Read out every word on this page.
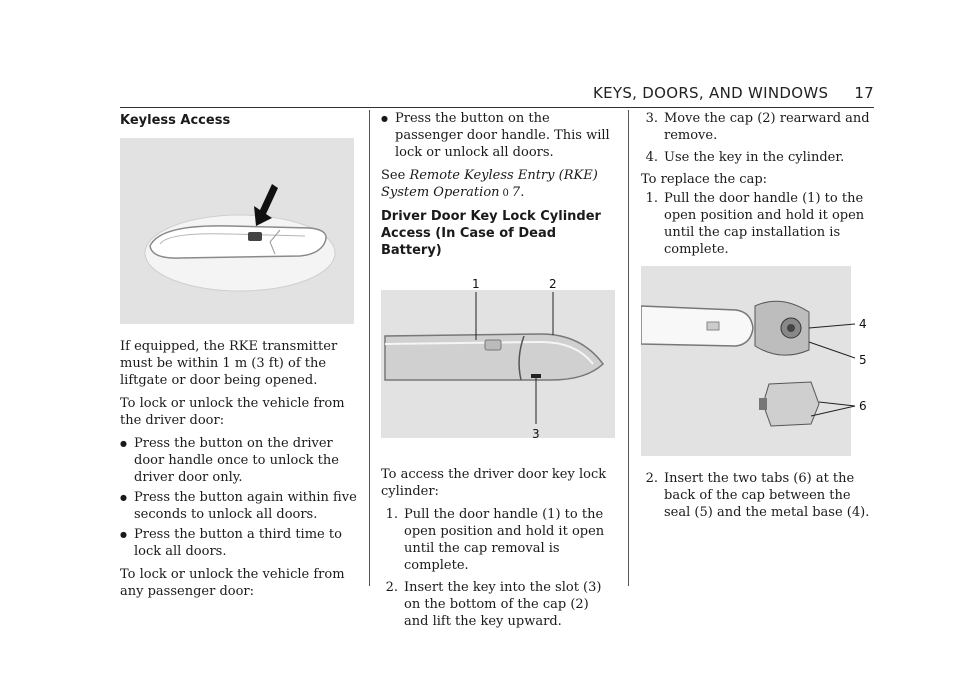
KEYS, DOORS, AND WINDOWS 17
Keyless Access

If equipped, the RKE transmitter must be within 1 m (3 ft) of the liftgate or door being opened.

To lock or unlock the vehicle from the driver door:

● Press the button on the driver door handle once to unlock the driver door only.
● Press the button again within five seconds to unlock all doors.
● Press the button a third time to lock all doors.

To lock or unlock the vehicle from any passenger door:

● Press the button on the passenger door handle. This will lock or unlock all doors.

See Remote Keyless Entry (RKE) System Operation 0 7.

Driver Door Key Lock Cylinder Access (In Case of Dead Battery)
1	2
3

To access the driver door key lock cylinder:

1. Pull the door handle (1) to the open position and hold it open until the cap removal is complete.
2. Insert the key into the slot (3) on the bottom of the cap (2) and lift the key upward.
3. Move the cap (2) rearward and remove.
4. Use the key in the cylinder.

To replace the cap:

1. Pull the door handle (1) to the open position and hold it open until the cap installation is complete.
4
5
6
2. Insert the two tabs (6) at the back of the cap between the seal (5) and the metal base (4).
